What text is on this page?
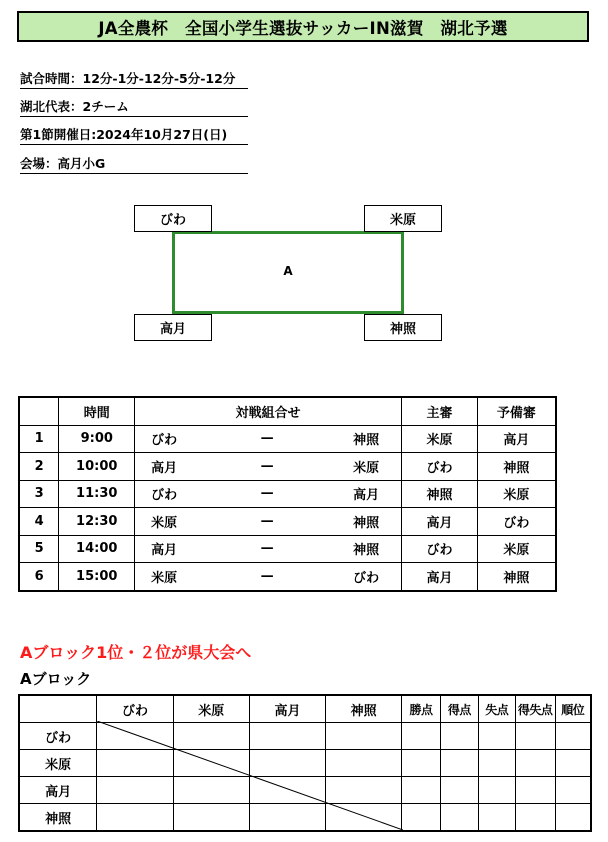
JA全農杯　全国小学生選抜サッカーIN滋賀　湖北予選
試合時間：12分-1分-12分-5分-12分
湖北代表：2チーム
第1節開催日:2024年10月27日(日)
会場：高月小G
A
びわ	米原
高月	神照
	時間	対戦組合せ			主審	予備審
1	9:00	びわ	—	神照	米原	高月
2	10:00	高月	—	米原	びわ	神照
3	11:30	びわ	—	高月	神照	米原
4	12:30	米原	—	神照	高月	びわ
5	14:00	高月	—	神照	びわ	米原
6	15:00	米原	—	びわ	高月	神照
Aブロック1位・２位が県大会へ
Aブロック
	びわ	米原	高月	神照	勝点	得点	失点	得失点	順位
びわ									
米原									
高月									
神照									
